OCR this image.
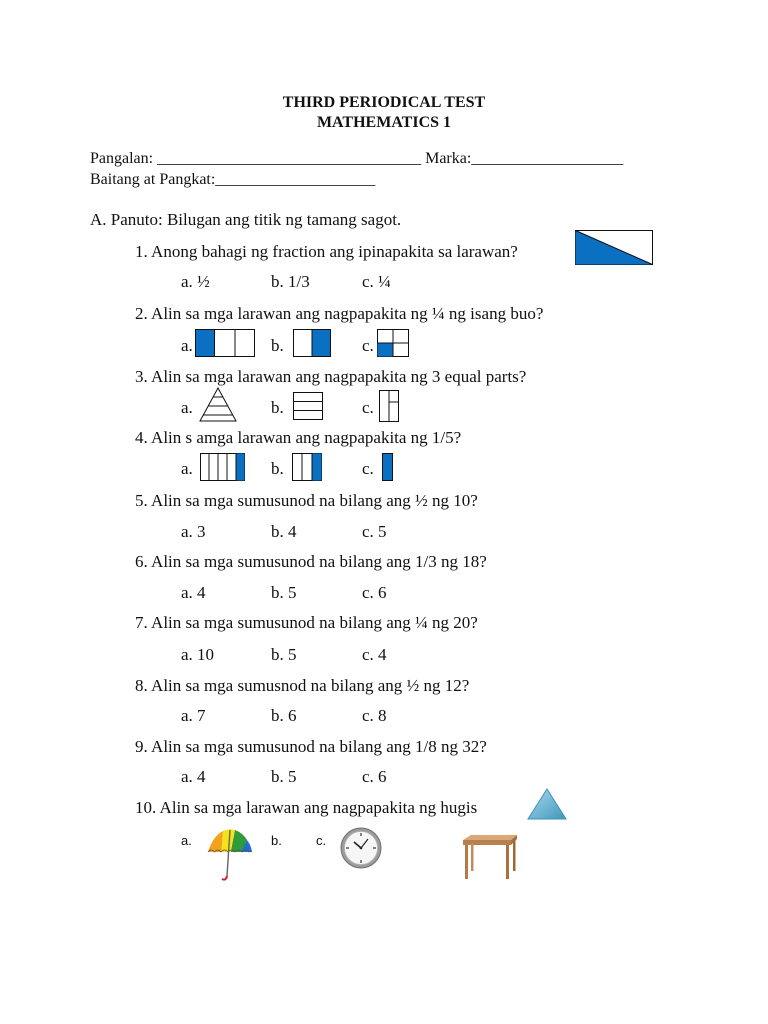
THIRD PERIODICAL TEST
MATHEMATICS 1
Pangalan: _________________________________ Marka:___________________
Baitang at Pangkat:____________________
A. Panuto: Bilugan ang titik ng tamang sagot.
1. Anong bahagi ng fraction ang ipinapakita sa larawan?
a. ½	b. 1/3	c. ¼
2. Alin sa mga larawan ang nagpapakita ng ¼ ng isang buo?
a.	b.	c.
3. Alin sa mga larawan ang nagpapakita ng 3 equal parts?
a.	b.	c.
4. Alin s amga larawan ang nagpapakita ng 1/5?
a.	b.	c.
5. Alin sa mga sumusunod na bilang ang ½ ng 10?
a. 3	b. 4	c. 5
6. Alin sa mga sumusunod na bilang ang 1/3 ng 18?
a. 4	b. 5	c. 6
7. Alin sa mga sumusunod na bilang ang ¼ ng 20?
a. 10	b. 5	c. 4
8. Alin sa mga sumusnod na bilang ang ½ ng 12?
a. 7	b. 6	c. 8
9. Alin sa mga sumusunod na bilang ang 1/8 ng 32?
a. 4	b. 5	c. 6
10. Alin sa mga larawan ang nagpapakita ng hugis
a.	b.	c.
